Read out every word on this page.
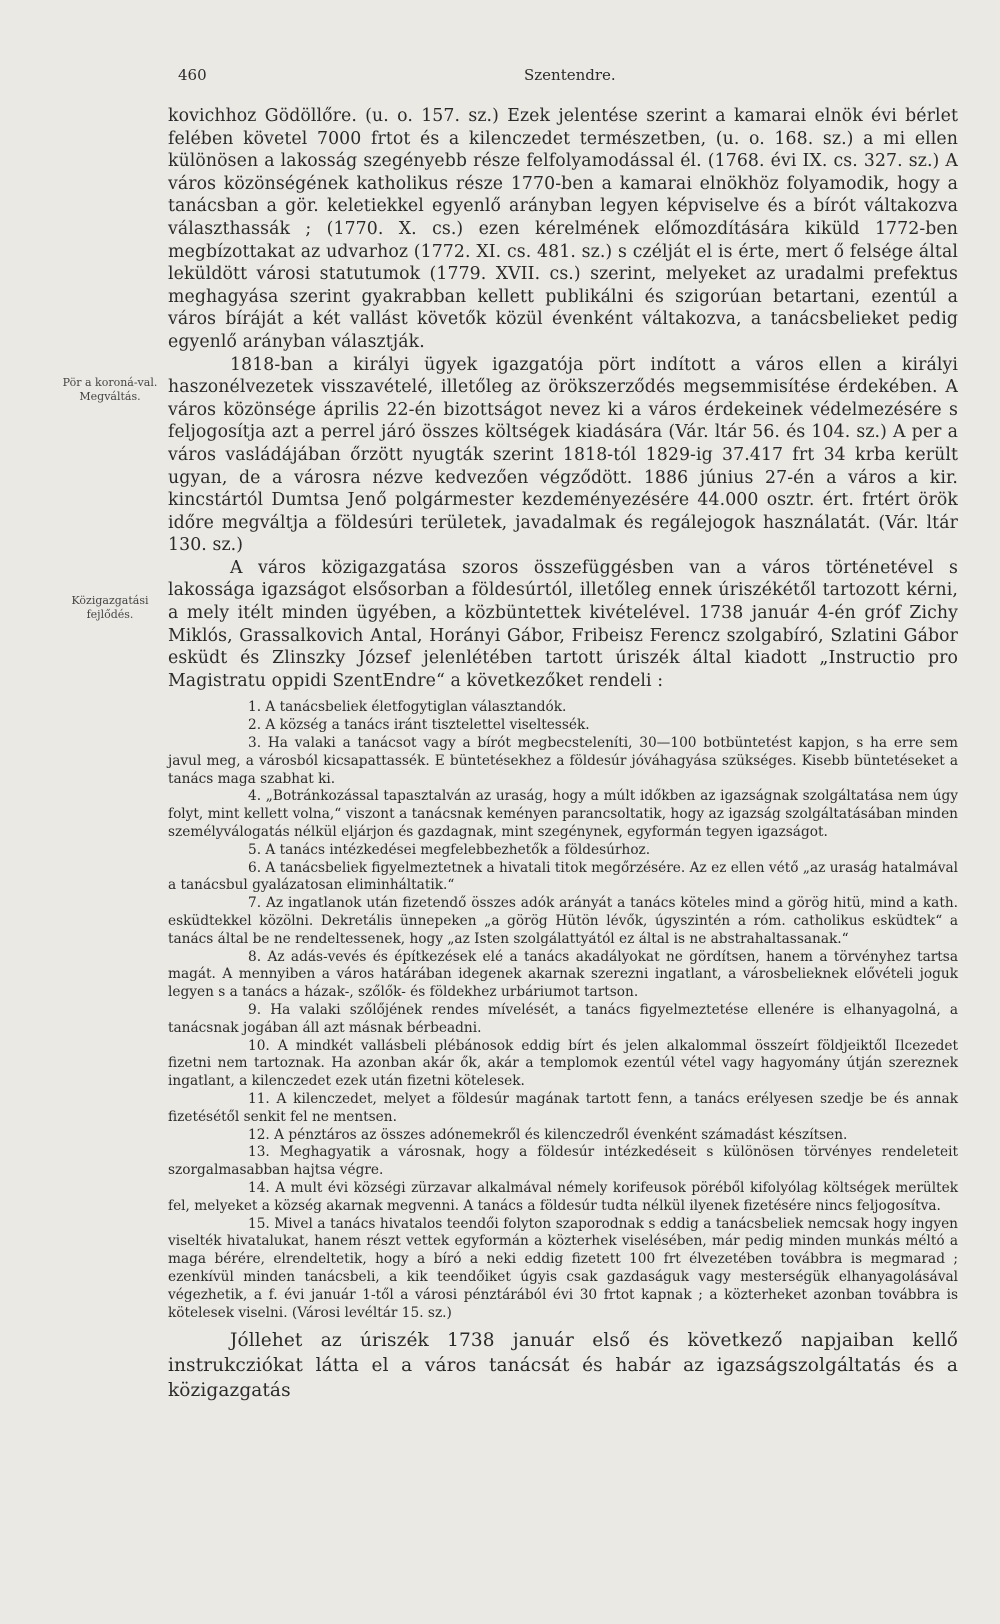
460	Szentendre.
Pör a koroná-val. Megváltás.
Közigazgatási fejlődés.

kovichhoz Gödöllőre. (u. o. 157. sz.) Ezek jelentése szerint a kamarai elnök évi bérlet felében követel 7000 frtot és a kilenczedet természetben, (u. o. 168. sz.) a mi ellen különösen a lakosság szegényebb része felfolyamodással él. (1768. évi IX. cs. 327. sz.) A város közönségének katholikus része 1770-ben a kamarai elnökhöz folyamodik, hogy a tanácsban a gör. keletiekkel egyenlő arányban legyen képviselve és a bírót váltakozva választhassák ; (1770. X. cs.) ezen kérelmének előmozdítására kiküld 1772-ben megbízottakat az udvarhoz (1772. XI. cs. 481. sz.) s czélját el is érte, mert ő felsége által leküldött városi statutumok (1779. XVII. cs.) szerint, melyeket az uradalmi prefektus meghagyása szerint gyakrabban kellett publikálni és szigorúan betartani, ezentúl a város bíráját a két vallást követők közül évenként váltakozva, a tanácsbelieket pedig egyenlő arányban választják.

1818-ban a királyi ügyek igazgatója pört indított a város ellen a királyi haszonélvezetek visszavételé, illetőleg az örökszerződés megsemmisítése érdekében. A város közönsége április 22-én bizottságot nevez ki a város érdekeinek védelmezésére s feljogosítja azt a perrel járó összes költségek kiadására (Vár. ltár 56. és 104. sz.) A per a város vasládájában őrzött nyugták szerint 1818-tól 1829-ig 37.417 frt 34 krba került ugyan, de a városra nézve kedvezően végződött. 1886 június 27-én a város a kir. kincstártól Dumtsa Jenő polgármester kezdeményezésére 44.000 osztr. ért. frtért örök időre megváltja a földesúri területek, javadalmak és regálejogok használatát. (Vár. ltár 130. sz.)

A város közigazgatása szoros összefüggésben van a város történetével s lakossága igazságot elsősorban a földesúrtól, illetőleg ennek úriszékétől tartozott kérni, a mely itélt minden ügyében, a közbüntettek kivételével. 1738 január 4-én gróf Zichy Miklós, Grassalkovich Antal, Horányi Gábor, Fribeisz Ferencz szolgabíró, Szlatini Gábor esküdt és Zlinszky József jelenlétében tartott úriszék által kiadott „Instructio pro Magistratu oppidi SzentEndre“ a következőket rendeli :

1. A tanácsbeliek életfogytiglan választandók.

2. A község a tanács iránt tisztelettel viseltessék.

3. Ha valaki a tanácsot vagy a bírót megbecsteleníti, 30—100 botbüntetést kapjon, s ha erre sem javul meg, a városból kicsapattassék. E büntetésekhez a földesúr jóváhagyása szükséges. Kisebb büntetéseket a tanács maga szabhat ki.

4. „Botránkozással tapasztalván az uraság, hogy a múlt időkben az igazságnak szolgáltatása nem úgy folyt, mint kellett volna,“ viszont a tanácsnak keményen parancsoltatik, hogy az igazság szolgáltatásában minden személyválogatás nélkül eljárjon és gazdagnak, mint szegénynek, egyformán tegyen igazságot.

5. A tanács intézkedései megfelebbezhetők a földesúrhoz.

6. A tanácsbeliek figyelmeztetnek a hivatali titok megőrzésére. Az ez ellen vétő „az uraság hatalmával a tanácsbul gyalázatosan eliminháltatik.“

7. Az ingatlanok után fizetendő összes adók arányát a tanács köteles mind a görög hitü, mind a kath. esküdtekkel közölni. Dekretális ünnepeken „a görög Hütön lévők, úgyszintén a róm. catholikus esküdtek“ a tanács által be ne rendeltessenek, hogy „az Isten szolgálattyától ez által is ne abstrahaltassanak.“

8. Az adás-vevés és építkezések elé a tanács akadályokat ne gördítsen, hanem a törvényhez tartsa magát. A mennyiben a város határában idegenek akarnak szerezni ingatlant, a városbelieknek elővételi joguk legyen s a tanács a házak-, szőlők- és földekhez urbáriumot tartson.

9. Ha valaki szőlőjének rendes mívelését, a tanács figyelmeztetése ellenére is elhanyagolná, a tanácsnak jogában áll azt másnak bérbeadni.

10. A mindkét vallásbeli plébánosok eddig bírt és jelen alkalommal összeírt földjeiktől Ilcezedet fizetni nem tartoznak. Ha azonban akár ők, akár a templomok ezentúl vétel vagy hagyomány útján szereznek ingatlant, a kilenczedet ezek után fizetni kötelesek.

11. A kilenczedet, melyet a földesúr magának tartott fenn, a tanács erélyesen szedje be és annak fizetésétől senkit fel ne mentsen.

12. A pénztáros az összes adónemekről és kilenczedről évenként számadást készítsen.

13. Meghagyatik a városnak, hogy a földesúr intézkedéseit s különösen törvényes rendeleteit szorgalmasabban hajtsa végre.

14. A mult évi községi zürzavar alkalmával némely korifeusok pöréből kifolyólag költségek merültek fel, melyeket a község akarnak megvenni. A tanács a földesúr tudta nélkül ilyenek fizetésére nincs feljogosítva.

15. Mivel a tanács hivatalos teendői folyton szaporodnak s eddig a tanácsbeliek nemcsak hogy ingyen viselték hivatalukat, hanem részt vettek egyformán a közterhek viselésében, már pedig minden munkás méltó a maga bérére, elrendeltetik, hogy a bíró a neki eddig fizetett 100 frt élvezetében továbbra is megmarad ; ezenkívül minden tanácsbeli, a kik teendőiket úgyis csak gazdaságuk vagy mesterségük elhanyagolásával végezhetik, a f. évi január 1-től a városi pénztárából évi 30 frtot kapnak ; a közterheket azonban továbbra is kötelesek viselni. (Városi levéltár 15. sz.)

Jóllehet az úriszék 1738 január első és következő napjaiban kellő instrukcziókat látta el a város tanácsát és habár az igazságszolgáltatás és a közigazgatás
